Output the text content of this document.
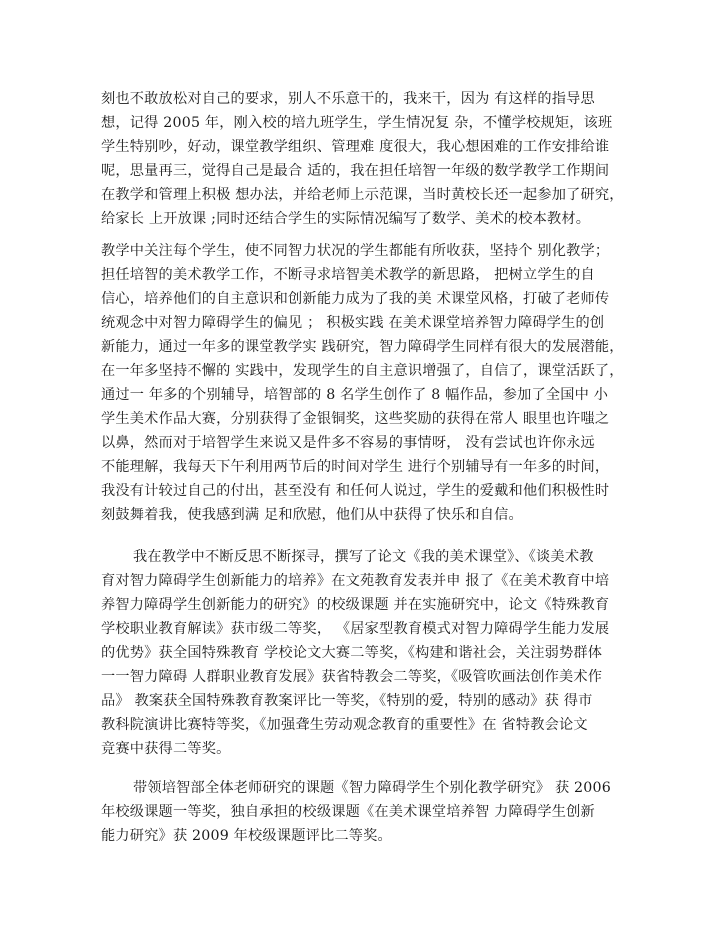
刻也不敢放松对自己的要求，别人不乐意干的，我来干，因为 有这样的指导思
想，记得 2005 年，刚入校的培九班学生，学生情况复 杂，不懂学校规矩，该班
学生特别吵，好动，课堂教学组织、管理难 度很大，我心想困难的工作安排给谁
呢，思量再三，觉得自己是最合 适的，我在担任培智一年级的数学教学工作期间
在教学和管理上积极 想办法，并给老师上示范课，当时黄校长还一起参加了研究，
给家长 上开放课 ;同时还结合学生的实际情况编写了数学、美术的校本教材。
教学中关注每个学生，使不同智力状况的学生都能有所收获，坚持个 别化教学；
担任培智的美术教学工作，不断寻求培智美术教学的新思路， 把树立学生的自
信心，培养他们的自主意识和创新能力成为了我的美 术课堂风格，打破了老师传
统观念中对智力障碍学生的偏见 ； 积极实践 在美术课堂培养智力障碍学生的创
新能力，通过一年多的课堂教学实 践研究，智力障碍学生同样有很大的发展潜能，
在一年多坚持不懈的 实践中，发现学生的自主意识增强了，自信了，课堂活跃了，
通过一 年多的个别辅导，培智部的 8 名学生创作了 8 幅作品，参加了全国中 小
学生美术作品大赛，分别获得了金银铜奖，这些奖励的获得在常人 眼里也许嗤之
以鼻，然而对于培智学生来说又是件多不容易的事情呀， 没有尝试也许你永远
不能理解，我每天下午利用两节后的时间对学生 进行个别辅导有一年多的时间，
我没有计较过自己的付出，甚至没有 和任何人说过，学生的爱戴和他们积极性时
刻鼓舞着我，使我感到满 足和欣慰，他们从中获得了快乐和自信。
我在教学中不断反思不断探寻，撰写了论文《我的美术课堂》、《谈美术教
育对智力障碍学生创新能力的培养》在文苑教育发表并申 报了《在美术教育中培
养智力障碍学生创新能力的研究》的校级课题 并在实施研究中，论文《特殊教育
学校职业教育解读》获市级二等奖， 《居家型教育模式对智力障碍学生能力发展
的优势》获全国特殊教育 学校论文大赛二等奖，《构建和谐社会，关注弱势群体
一一智力障碍 人群职业教育发展》获省特教会二等奖，《吸管吹画法创作美术作
品》 教案获全国特殊教育教案评比一等奖，《特别的爱，特别的感动》获 得市
教科院演讲比赛特等奖，《加强聋生劳动观念教育的重要性》在 省特教会论文
竞赛中获得二等奖。
带领培智部全体老师研究的课题《智力障碍学生个别化教学研究》 获 2006
年校级课题一等奖，独自承担的校级课题《在美术课堂培养智 力障碍学生创新
能力研究》获 2009 年校级课题评比二等奖。
